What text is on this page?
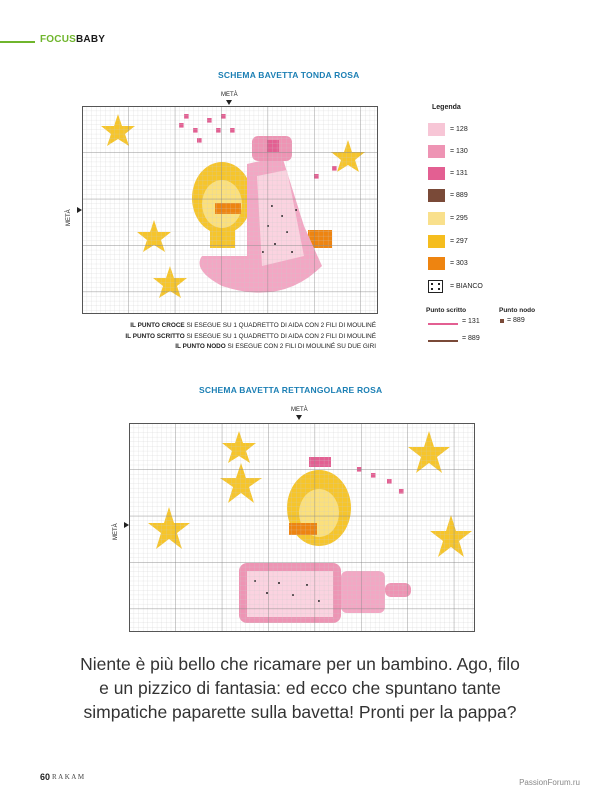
FOCUSBABY
SCHEMA BAVETTA TONDA ROSA
METÀ
METÀ
IL PUNTO CROCE SI ESEGUE SU 1 QUADRETTO DI AIDA CON 2 FILI DI MOULINÉ
IL PUNTO SCRITTO SI ESEGUE SU 1 QUADRETTO DI AIDA CON 2 FILI DI MOULINÉ
IL PUNTO NODO SI ESEGUE CON 2 FILI DI MOULINÉ SU DUE GIRI
Legenda
= 128
= 130
= 131
= 889
= 295
= 297
= 303
= BIANCO
Punto scritto
= 131
= 889
Punto nodo
= 889
SCHEMA BAVETTA RETTANGOLARE ROSA
METÀ
METÀ
Niente è più bello che ricamare per un bambino. Ago, filo
e un pizzico di fantasia: ed ecco che spuntano tante
simpatiche paparette sulla bavetta! Pronti per la pappa?
60 RAKAM
PassionForum.ru
